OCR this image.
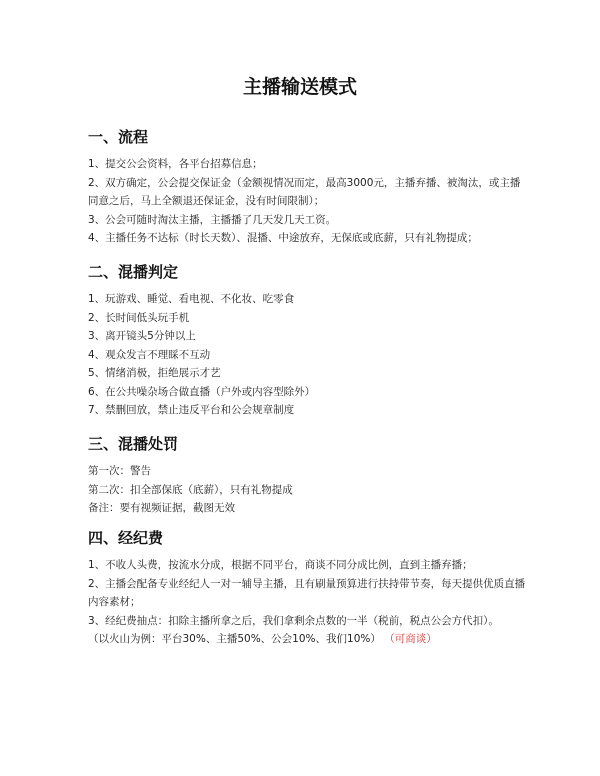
主播输送模式
一、流程
1、提交公会资料，各平台招募信息；
2、双方确定，公会提交保证金（金额视情况而定，最高3000元，主播弃播、被淘汰，或主播同意之后，马上全额退还保证金，没有时间限制）；
3、公会可随时淘汰主播，主播播了几天发几天工资。
4、主播任务不达标（时长天数）、混播、中途放弃，无保底或底薪，只有礼物提成；
二、混播判定
1、玩游戏、睡觉、看电视、不化妆、吃零食
2、长时间低头玩手机
3、离开镜头5分钟以上
4、观众发言不理睬不互动
5、情绪消极，拒绝展示才艺
6、在公共噪杂场合做直播（户外或内容型除外）
7、禁删回放，禁止违反平台和公会规章制度
三、混播处罚
第一次：警告
第二次：扣全部保底（底薪），只有礼物提成
备注：要有视频证据，截图无效
四、经纪费
1、不收人头费，按流水分成，根据不同平台，商谈不同分成比例，直到主播弃播；
2、主播会配备专业经纪人一对一辅导主播，且有刷量预算进行扶持带节奏，每天提供优质直播内容素材；
3、经纪费抽点：扣除主播所拿之后，我们拿剩余点数的一半（税前，税点公会方代扣）。
（以火山为例：平台30%、主播50%、公会10%、我们10%） （可商谈）
